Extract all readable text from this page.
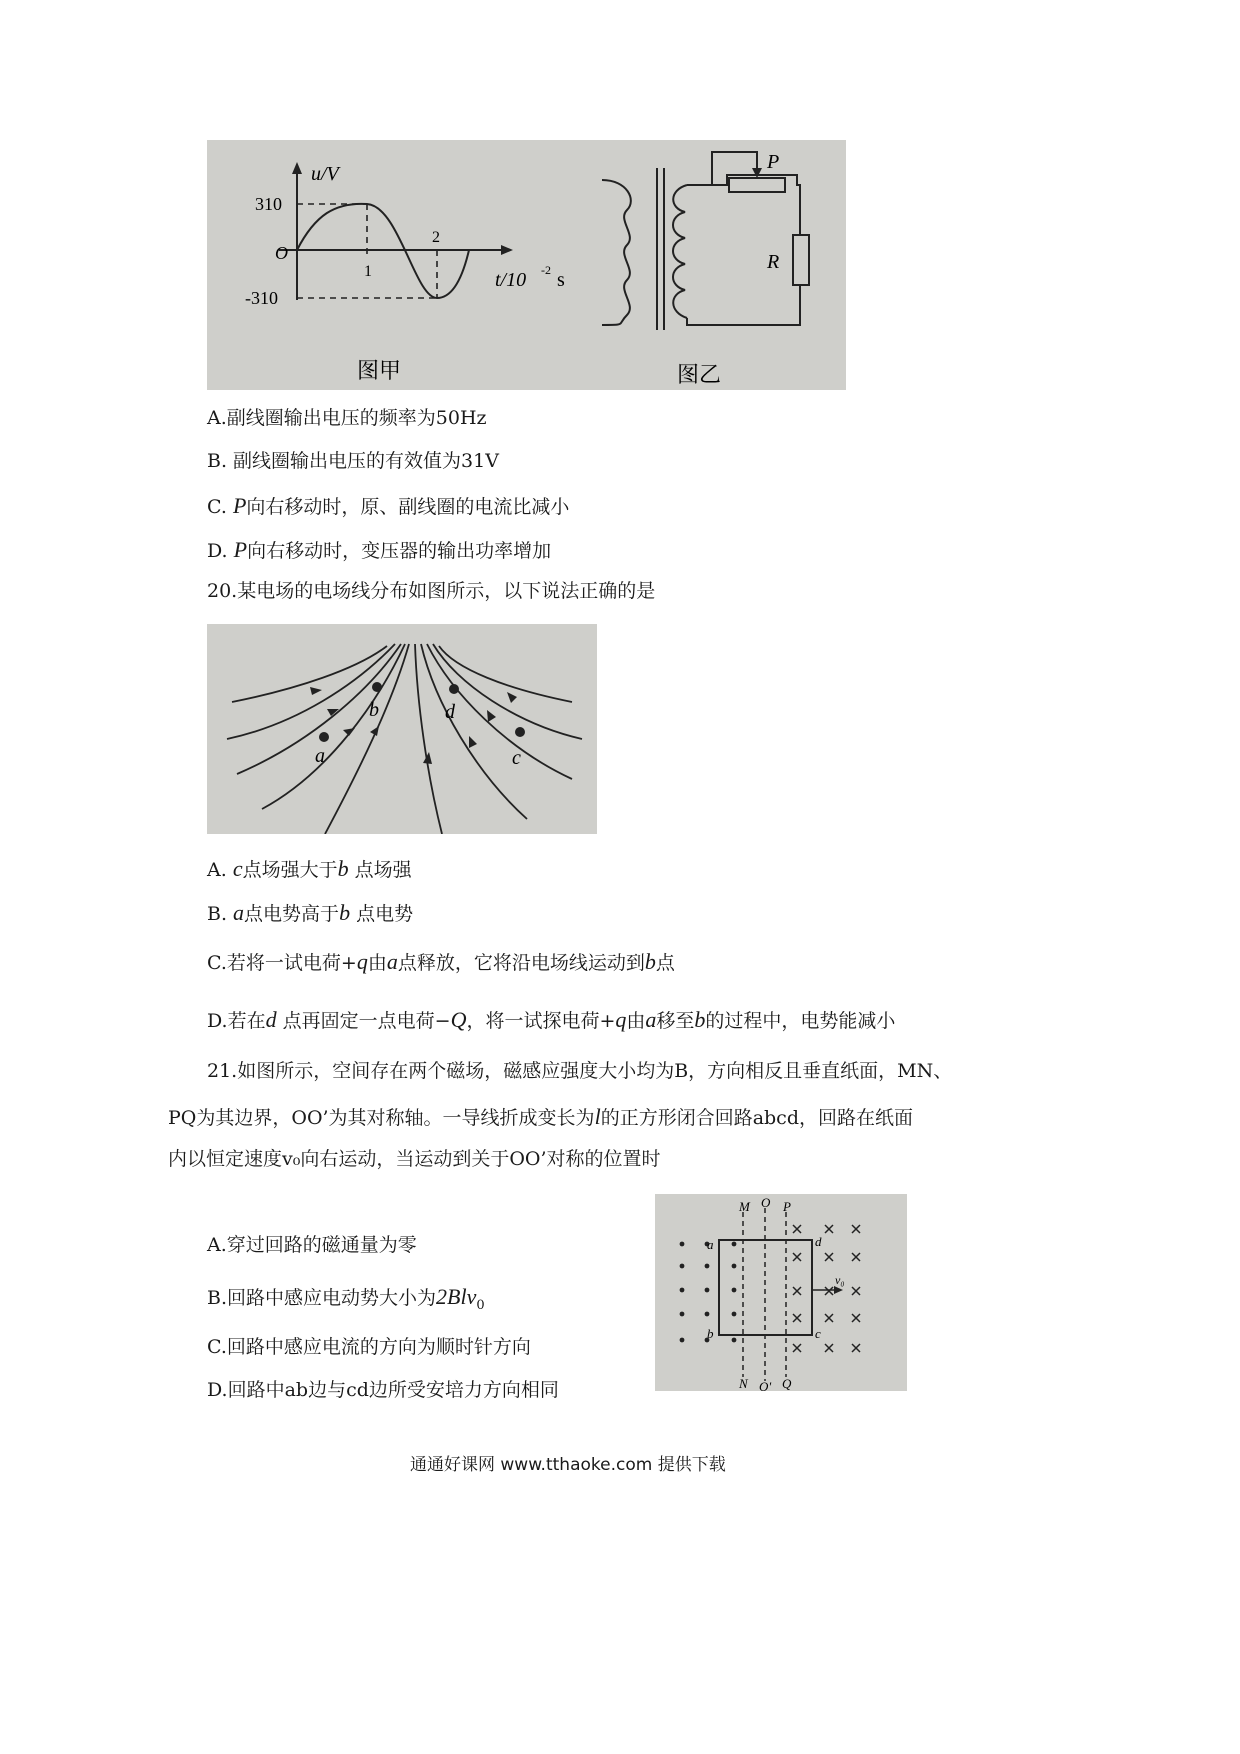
u/V
310
O
-310
1
2
t/10 -2 s
P
R
图甲	图乙
A.副线圈输出电压的频率为50Hz
B. 副线圈输出电压的有效值为31V
C. P向右移动时，原、副线圈的电流比减小
D. P向右移动时，变压器的输出功率增加
20.某电场的电场线分布如图所示，以下说法正确的是
a
b
c
d
A. c点场强大于b 点场强
B. a点电势高于b 点电势
C.若将一试电荷+q由a点释放，它将沿电场线运动到b点
D.若在d 点再固定一点电荷−Q，将一试探电荷+q由a移至b的过程中，电势能减小
21.如图所示，空间存在两个磁场，磁感应强度大小均为B，方向相反且垂直纸面，MN、
PQ为其边界，OO’为其对称轴。一导线折成变长为l的正方形闭合回路abcd，回路在纸面
内以恒定速度v₀向右运动，当运动到关于OO’对称的位置时
M O P
N O' Q
a
b	c
d
v₀
A.穿过回路的磁通量为零
B.回路中感应电动势大小为2Blv$_0$
C.回路中感应电流的方向为顺时针方向
D.回路中ab边与cd边所受安培力方向相同
通通好课网 www.tthaoke.com 提供下载
